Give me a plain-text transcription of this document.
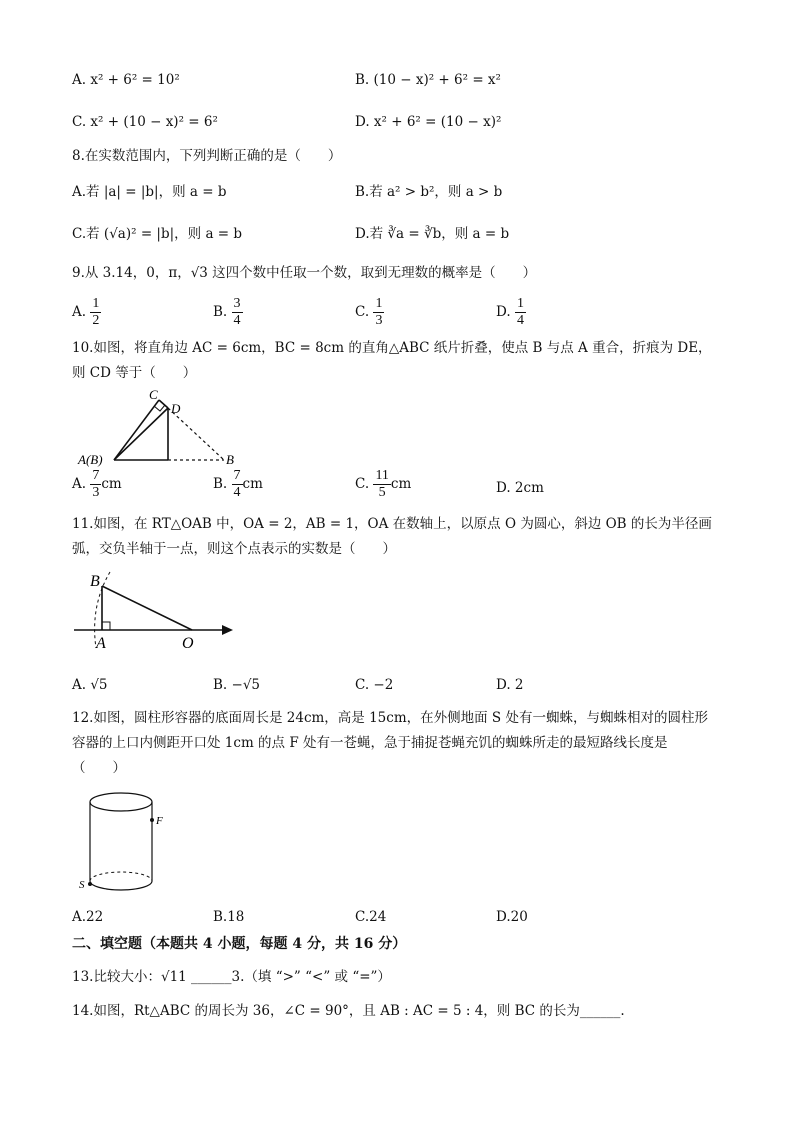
A. x² + 6² = 10²	B. (10 − x)² + 6² = x²
C. x² + (10 − x)² = 6²	D. x² + 6² = (10 − x)²
8.在实数范围内，下列判断正确的是（　　）
A.若 |a| = |b|，则 a = b	B.若 a² > b²，则 a > b
C.若 (√a)² = |b|，则 a = b	D.若 ∛a = ∛b，则 a = b
9.从 3.14，0，π，√3 这四个数中任取一个数，取到无理数的概率是（　　）
A. $\frac{1}{2}$	B. $\frac{3}{4}$	C. $\frac{1}{3}$	D. $\frac{1}{4}$
10.如图，将直角边 AC = 6cm，BC = 8cm 的直角△ABC 纸片折叠，使点 B 与点 A 重合，折痕为 DE，
则 CD 等于（　　）
C
D
A(B)	B
A. $\frac{7}{3}$ cm	B. $\frac{7}{4}$ cm	C. $\frac{11}{5}$ cm	D. 2cm
11.如图，在 RT△OAB 中，OA = 2，AB = 1，OA 在数轴上，以原点 O 为圆心，斜边 OB 的长为半径画
弧，交负半轴于一点，则这个点表示的实数是（　　）
B
A	O
A. √5	B. −√5	C. −2	D. 2
12.如图，圆柱形容器的底面周长是 24cm，高是 15cm，在外侧地面 S 处有一蜘蛛，与蜘蛛相对的圆柱形
容器的上口内侧距开口处 1cm 的点 F 处有一苍蝇，急于捕捉苍蝇充饥的蜘蛛所走的最短路线长度是
（　　）
F
S
A.22	B.18	C.24	D.20
二、填空题（本题共 4 小题，每题 4 分，共 16 分）
13.比较大小：√11 ______3.（填 “>” “<” 或 “=”）
14.如图，Rt△ABC 的周长为 36，∠C = 90°，且 AB : AC = 5 : 4，则 BC 的长为______.
